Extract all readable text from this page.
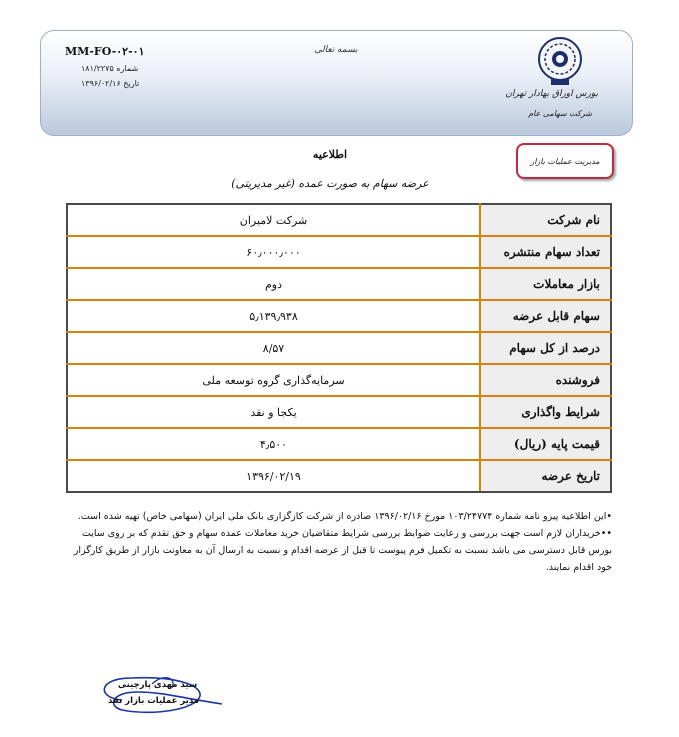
MM-FO-۰۲-۰۱
شماره ۱۸۱/۲۲۷۵
تاریخ ۱۳۹۶/۰۲/۱۶
بسمه تعالی
بورس اوراق بهادار تهران
شرکت سهامی عام
مدیریت عملیات بازار
اطلاعیه
عرضه سهام به صورت عمده (غیر مدیریتی)
شرکت لامیران	نام شرکت
۶۰٫۰۰۰٫۰۰۰	تعداد سهام منتشره
دوم	بازار معاملات
۵٫۱۳۹٫۹۳۸	سهام قابل عرضه
۸/۵۷	درصد از کل سهام
سرمایه‌گذاری گروه توسعه ملی	فروشنده
یکجا و نقد	شرایط واگذاری
۴٫۵۰۰	قیمت پایه (ریال)
۱۳۹۶/۰۲/۱۹	تاریخ عرضه

•این اطلاعیه پیرو نامه شماره ۱۰۳/۲۴۷۷۴ مورخ ۱۳۹۶/۰۲/۱۶ صادره از شرکت کارگزاری بانک ملی ایران (سهامی خاص) تهیه شده است.

••خریداران لازم است جهت بررسی و رعایت ضوابط بررسی شرایط متقاضیان خرید معاملات عمده سهام و حق تقدم که بر روی سایت بورس قابل دسترسی می باشد نسبت به تکمیل فرم پیوست تا قبل از عرضه اقدام و نسبت به ارسال آن به معاونت بازار از طریق کارگزار خود اقدام نمایند.

سید مهدی پارچینی
مدیر عملیات بازار نقد
